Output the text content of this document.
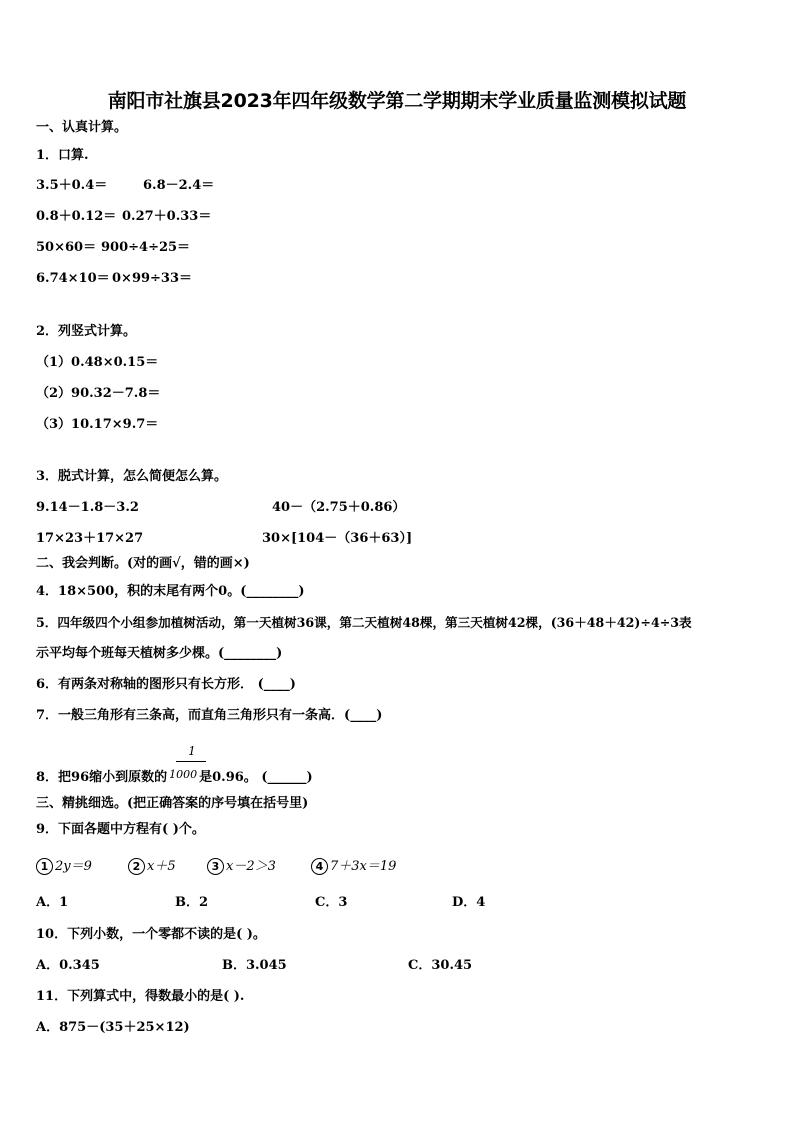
南阳市社旗县2023年四年级数学第二学期期末学业质量监测模拟试题
一、认真计算。
1．口算.
3.5＋0.4＝	6.8－2.4＝
0.8＋0.12＝ 0.27＋0.33＝
50×60＝ 900÷4÷25＝
6.74×10＝ 0×99÷33＝
2．列竖式计算。
（1）0.48×0.15＝
（2）90.32－7.8＝
（3）10.17×9.7＝
3．脱式计算，怎么简便怎么算。
9.14－1.8－3.2	40－（2.75＋0.86）
17×23＋17×27	30×[104－（36＋63）]
二、我会判断。(对的画√，错的画×)
4．18×500，积的末尾有两个0。(________)
5．四年级四个小组参加植树活动，第一天植树36课，第二天植树48棵，第三天植树42棵，(36＋48＋42)÷4÷3表
示平均每个班每天植树多少棵。(________)
6．有两条对称轴的图形只有长方形． (____)
7．一般三角形有三条高，而直角三角形只有一条高．(____)
1
8．把96缩小到原数的 1000 是0.96。 (______)
三、精挑细选。(把正确答案的序号填在括号里)
9．下面各题中方程有( )个。
1 2y＝9	2 x＋5	3 x－2＞3	4 7＋3x＝19
A．1	B．2	C．3	D．4
10．下列小数，一个零都不读的是( )。
A．0.345	B．3.045	C．30.45
11．下列算式中，得数最小的是( ).
A．875－(35＋25×12)
